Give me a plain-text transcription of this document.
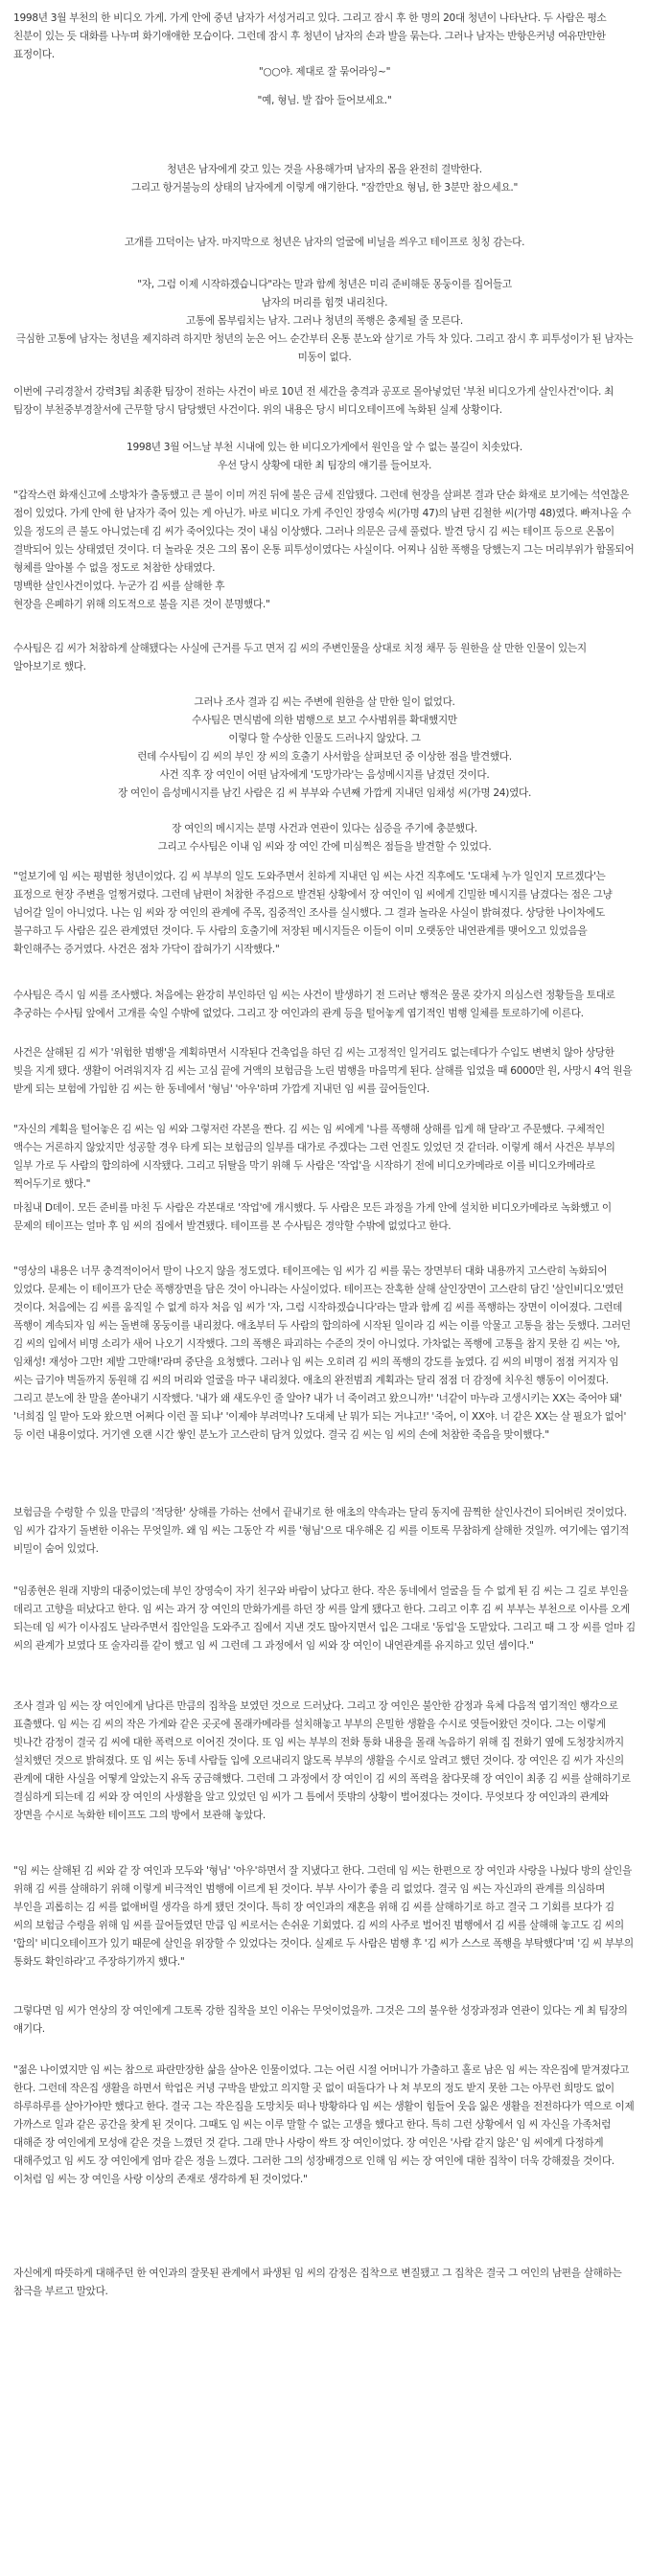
1998년 3월 부천의 한 비디오 가게. 가게 안에 중년 남자가 서성거리고 있다. 그리고 잠시 후 한 명의 20대 청년이 나타난다. 두 사람은 평소 친분이 있는 듯 대화를 나누며 화기애애한 모습이다. 그런데 잠시 후 청년이 남자의 손과 발을 묶는다. 그러나 남자는 반항은커녕 여유만만한 표정이다.

"○○야. 제대로 잘 묶어라잉~"

"예, 형님. 발 잡아 들어보세요."

청년은 남자에게 갖고 있는 것을 사용해가며 남자의 몸을 완전히 결박한다.
그리고 항거불능의 상태의 남자에게 이렇게 얘기한다. "잠깐만요 형님, 한 3분만 참으세요."

고개를 끄덕이는 남자. 마지막으로 청년은 남자의 얼굴에 비닐을 씌우고 테이프로 칭칭 감는다.

"자, 그럼 이제 시작하겠습니다"라는 말과 함께 청년은 미리 준비해둔 몽둥이를 집어들고
남자의 머리를 힘껏 내리친다.
고통에 몸부림치는 남자. 그러나 청년의 폭행은 충제될 줄 모른다.
극심한 고통에 남자는 청년을 제지하려 하지만 청년의 눈은 어느 순간부터 온통 분노와 살기로 가득 차 있다. 그리고 잠시 후 피투성이가 된 남자는 미동이 없다.

이번에 구리경찰서 강력3팀 최종환 팀장이 전하는 사건이 바로 10년 전 세간을 충격과 공포로 몰아넣었던 '부천 비디오가게 살인사건'이다. 최 팀장이 부천중부경찰서에 근무할 당시 담당했던 사건이다. 위의 내용은 당시 비디오테이프에 녹화된 실제 상황이다.

1998년 3월 어느날 부천 시내에 있는 한 비디오가게에서 원인을 알 수 없는 불길이 치솟았다.
우선 당시 상황에 대한 최 팀장의 얘기를 들어보자.

"갑작스런 화재신고에 소방차가 출동했고 큰 불이 이미 꺼진 뒤에 불은 금세 진압됐다. 그런데 현장을 살펴본 결과 단순 화재로 보기에는 석연찮은 점이 있었다. 가게 안에 한 남자가 죽어 있는 게 아닌가. 바로 비디오 가게 주인인 장영숙 씨(가명 47)의 남편 김철한 씨(가명 48)였다. 빠져나올 수 있을 정도의 큰 불도 아니었는데 김 씨가 죽어있다는 것이 내심 이상했다. 그러나 의문은 금세 풀렸다. 발견 당시 김 씨는 테이프 등으로 온몸이 결박되어 있는 상태였던 것이다. 더 놀라운 것은 그의 몸이 온통 피투성이였다는 사실이다. 어찌나 심한 폭행을 당했는지 그는 머리부위가 함몰되어 형체를 알아볼 수 없을 정도로 처참한 상태였다.
명백한 살인사건이었다. 누군가 김 씨를 살해한 후
현장을 은폐하기 위해 의도적으로 불을 지른 것이 분명했다."

수사팀은 김 씨가 처참하게 살해됐다는 사실에 근거를 두고 면저 김 씨의 주변인물을 상대로 치정 채무 등 원한을 살 만한 인물이 있는지 알아보기로 했다.

그러나 조사 결과 김 씨는 주변에 원한을 살 만한 일이 없었다.
수사팀은 면식범에 의한 범행으로 보고 수사범위를 확대했지만
이렇다 할 수상한 인물도 드러나지 않았다. 그
런데 수사팀이 김 씨의 부인 장 씨의 호출기 사서함을 살펴보던 중 이상한 점을 발견했다.
사건 직후 장 여인이 어떤 남자에게 '도망가라'는 음성메시지를 남겼던 것이다.
장 여인이 음성메시지를 남긴 사람은 김 씨 부부와 수년째 가깝게 지내던 임채성 씨(가명 24)였다.

장 여인의 메시지는 분명 사건과 연관이 있다는 심증을 주기에 충분했다.
그리고 수사팀은 이내 임 씨와 장 여인 간에 미심쩍은 점들을 발견할 수 있었다.

"얼보기에 임 씨는 평범한 청년이었다. 김 씨 부부의 일도 도와주면서 친하게 지내던 임 씨는 사건 직후에도 '도대체 누가 일인지 모르겠다'는 표정으로 현장 주변을 얼쩡거렸다. 그런데 남편이 처참한 주검으로 발견된 상황에서 장 여인이 임 씨에게 긴밀한 메시지를 남겼다는 점은 그냥 넘어갈 일이 아니었다. 나는 임 씨와 장 여인의 관계에 주목, 집중적인 조사를 실시했다. 그 결과 놀라운 사실이 밝혀졌다. 상당한 나이차에도 불구하고 두 사람은 깊은 관계였던 것이다. 두 사람의 호출기에 저장된 메시지들은 이들이 이미 오랫동안 내연관계를 맺어오고 있었음을 확인해주는 증거였다. 사건은 점차 가닥이 잡혀가기 시작했다."

수사팀은 즉시 임 씨를 조사했다. 처음에는 완강히 부인하던 임 씨는 사건이 발생하기 전 드러난 행적은 물론 갖가지 의심스런 정황들을 토대로 추궁하는 수사팀 앞에서 고개를 숙일 수밖에 없었다. 그리고 장 여인과의 관계 등을 털어놓게 엽기적인 범행 일체를 토로하기에 이른다.

사건은 살해된 김 씨가 '위험한 범행'을 계획하면서 시작된다 건축업을 하던 김 씨는 고정적인 일거리도 없는데다가 수입도 변변치 않아 상당한 빚을 지게 됐다. 생활이 어려워지자 김 씨는 고심 끝에 거액의 보험금을 노린 범행을 마음먹게 된다. 살해를 입었을 때 6000만 원, 사망시 4억 원을 받게 되는 보험에 가입한 김 씨는 한 동네에서 '형님' '아우'하며 가깝게 지내던 임 씨를 끌어들인다.

"자신의 계획을 털어놓은 김 씨는 임 씨와 그렇저런 각본을 짠다. 김 씨는 임 씨에게 '나를 폭행해 상해를 입게 해 달라'고 주문했다. 구체적인 액수는 거론하지 않았지만 성공할 경우 타게 되는 보험금의 일부를 대가로 주겠다는 그런 언질도 있었던 것 같더라. 이렇게 해서 사건은 부부의 일부 가로 두 사람의 합의하에 시작됐다. 그리고 뒤탈을 막기 위해 두 사람은 '작업'을 시작하기 전에 비디오카메라로 이를 비디오카메라로 찍어두기로 했다."

마침내 D데이. 모든 준비를 마친 두 사람은 각본대로 '작업'에 개시했다. 두 사람은 모든 과정을 가게 안에 설치한 비디오카메라로 녹화했고 이 문제의 테이프는 얼마 후 임 씨의 집에서 발견됐다. 테이프를 본 수사팀은 경악할 수밖에 없었다고 한다.

"영상의 내용은 너무 충격적이어서 말이 나오지 않을 정도였다. 테이프에는 임 씨가 김 씨를 묶는 장면부터 대화 내용까지 고스란히 녹화되어 있었다. 문제는 이 테이프가 단순 폭행장면을 담은 것이 아니라는 사실이었다. 테이프는 잔혹한 살해 살인장면이 고스란히 담긴 '살인비디오'였던 것이다. 처음에는 김 씨를 움직일 수 없게 하자 처음 임 씨가 '자, 그럼 시작하겠습니다'라는 말과 함께 김 씨를 폭행하는 장면이 이어졌다. 그런데 폭행이 계속되자 임 씨는 돌변해 몽둥이를 내리쳤다. 애초부터 두 사람의 합의하에 시작된 일이라 김 씨는 이를 악물고 고통을 참는 듯했다. 그러던 김 씨의 입에서 비명 소리가 새어 나오기 시작했다. 그의 폭행은 파괴하는 수준의 것이 아니었다. 가차없는 폭행에 고통을 참지 못한 김 씨는 '야, 임채성! 재성아 그만! 제발 그만해!'라며 중단을 요청했다. 그러나 임 씨는 오히려 김 씨의 폭행의 강도를 높였다. 김 씨의 비명이 점점 커지자 임 씨는 급기야 벽돌까지 동원해 김 씨의 머리와 얼굴을 마구 내리쳤다. 애초의 완전범죄 계획과는 달리 점점 더 감정에 치우친 행동이 이어졌다. 그리고 분노에 찬 말을 쏟아내기 시작했다. '내가 왜 새도우인 줄 알아? 내가 너 죽이려고 왔으니까!' '너같이 마누라 고생시키는 XX는 죽어야 돼' '너희집 일 맡아 도와 왔으면 어쩌다 이런 꼴 되냐' '이제야 부려먹나? 도대체 난 뭐가 되는 거냐고!' '죽어, 이 XX야. 너 같은 XX는 살 필요가 없어' 등 이런 내용이었다. 거기엔 오랜 시간 쌓인 분노가 고스란히 담겨 있었다. 결국 김 씨는 임 씨의 손에 처참한 죽음을 맞이했다."

보험금을 수령할 수 있을 만큼의 '적당한' 상해를 가하는 선에서 끝내기로 한 애초의 약속과는 달리 동지에 끔찍한 살인사건이 되어버린 것이었다. 임 씨가 갑자기 돌변한 이유는 무엇일까. 왜 임 씨는 그동안 각 씨를 '형님'으로 대우해온 김 씨를 이토록 무참하게 살해한 것일까. 여기에는 엽기적 비밀이 숨어 있었다.

"임종현은 원래 지방의 대중이었는데 부인 장영숙이 자기 친구와 바람이 났다고 한다. 작은 동네에서 얼굴을 들 수 없게 된 김 씨는 그 길로 부인을 데리고 고향을 떠났다고 한다. 임 씨는 과거 장 여인의 만화가게를 하던 장 씨를 알게 됐다고 한다. 그리고 이후 김 씨 부부는 부천으로 이사를 오게 되는데 임 씨가 이사짐도 날라주면서 집안일을 도와주고 집에서 지낸 것도 많아지면서 입은 그대로 '동업'을 도맡았다. 그리고 때 그 장 씨를 얼마 김 씨의 관계가 보였다 또 술자리를 같이 했고 임 씨 그런데 그 과정에서 임 씨와 장 여인이 내연관계를 유지하고 있던 셈이다."

조사 결과 임 씨는 장 여인에게 남다른 만큼의 집착을 보였던 것으로 드러났다. 그리고 장 여인은 불안한 감정과 육체 다음적 엽기적인 행각으로 표출했다. 임 씨는 김 씨의 작은 가게와 같은 곳곳에 몰래카메라를 설치해놓고 부부의 은밀한 생활을 수시로 엿들어왔던 것이다. 그는 이렇게 빗나간 감정이 결국 김 씨에 대한 폭력으로 이어진 것이다. 또 임 씨는 부부의 전화 통화 내용을 몰래 녹음하기 위해 집 전화기 옆에 도청장치까지 설치했던 것으로 밝혀졌다. 또 임 씨는 동네 사람들 입에 오르내리지 않도록 부부의 생활을 수시로 알려고 했던 것이다. 장 여인은 김 씨가 자신의 관계에 대한 사실을 어떻게 알았는지 유독 궁금해했다. 그런데 그 과정에서 장 여인이 김 씨의 폭력을 참다못해 장 여인이 최종 김 씨를 살해하기로 결심하게 되는데 김 씨와 장 여인의 사생활을 알고 있었던 임 씨가 그 틈에서 뜻밖의 상황이 벌어졌다는 것이다. 무엇보다 장 여인과의 관계와 장면을 수시로 녹화한 테이프도 그의 방에서 보관해 놓았다.

"임 씨는 살해된 김 씨와 같 장 여인과 모두와 '형님' '아우'하면서 잘 지냈다고 한다. 그런데 임 씨는 한편으로 장 여인과 사랑을 나눴다 방의 살인을 위해 김 씨를 살해하기 위해 이렇게 비극적인 범행에 이르게 된 것이다. 부부 사이가 좋을 리 없었다. 결국 임 씨는 자신과의 관계를 의심하며 부인을 괴롭히는 김 씨를 없애버릴 생각을 하게 됐던 것이다. 특히 장 여인과의 재혼을 위해 김 씨를 살해하기로 하고 결국 그 기회를 보다가 김 씨의 보험금 수령을 위해 임 씨를 끌어들였던 만큼 임 씨로서는 손쉬운 기회였다. 김 씨의 사주로 벌어진 범행에서 김 씨를 살해해 놓고도 김 씨의 '합의' 비디오테이프가 있기 때문에 살인을 위장할 수 있었다는 것이다. 실제로 두 사람은 범행 후 '김 씨가 스스로 폭행을 부탁했다'며 '김 씨 부부의 통화도 확인하라'고 주장하기까지 했다."

그렇다면 임 씨가 연상의 장 여인에게 그토록 강한 집착을 보인 이유는 무엇이었을까. 그것은 그의 불우한 성장과정과 연관이 있다는 게 최 팀장의 얘기다.

"젊은 나이였지만 임 씨는 참으로 파란만장한 삶을 살아온 인물이었다. 그는 어린 시절 어머니가 가출하고 홀로 남은 임 씨는 작은집에 맡겨졌다고 한다. 그런데 작은집 생활을 하면서 학업은 커녕 구박을 받았고 의지할 곳 없이 떠돌다가 나 쳐 부모의 정도 받지 못한 그는 아무런 희망도 없이 하루하루를 살아가야만 했다고 한다. 결국 그는 작은집을 도망치듯 떠나 방황하다 임 씨는 생활이 힘들어 웃음 잃은 생활을 전전하다가 역으로 이제 가까스로 일과 같은 공간을 찾게 된 것이다. 그때도 임 씨는 이루 말할 수 없는 고생을 했다고 한다. 특히 그런 상황에서 임 씨 자신을 가족처럼 대해준 장 여인에게 모성애 같은 것을 느꼈던 것 같다. 그래 만나 사랑이 싹트 장 여인이었다. 장 여인은 '사람 같지 않은' 임 씨에게 다정하게 대해주었고 임 씨도 장 여인에게 엄마 같은 정을 느꼈다. 그러한 그의 성장배경으로 인해 임 씨는 장 여인에 대한 집착이 더욱 강해졌을 것이다. 이처럼 임 씨는 장 여인을 사랑 이상의 존재로 생각하게 된 것이었다."

자신에게 따뜻하게 대해주던 한 여인과의 잘못된 관계에서 파생된 임 씨의 감정은 집착으로 변질됐고 그 집착은 결국 그 여인의 남편을 살해하는 참극을 부르고 말았다.
